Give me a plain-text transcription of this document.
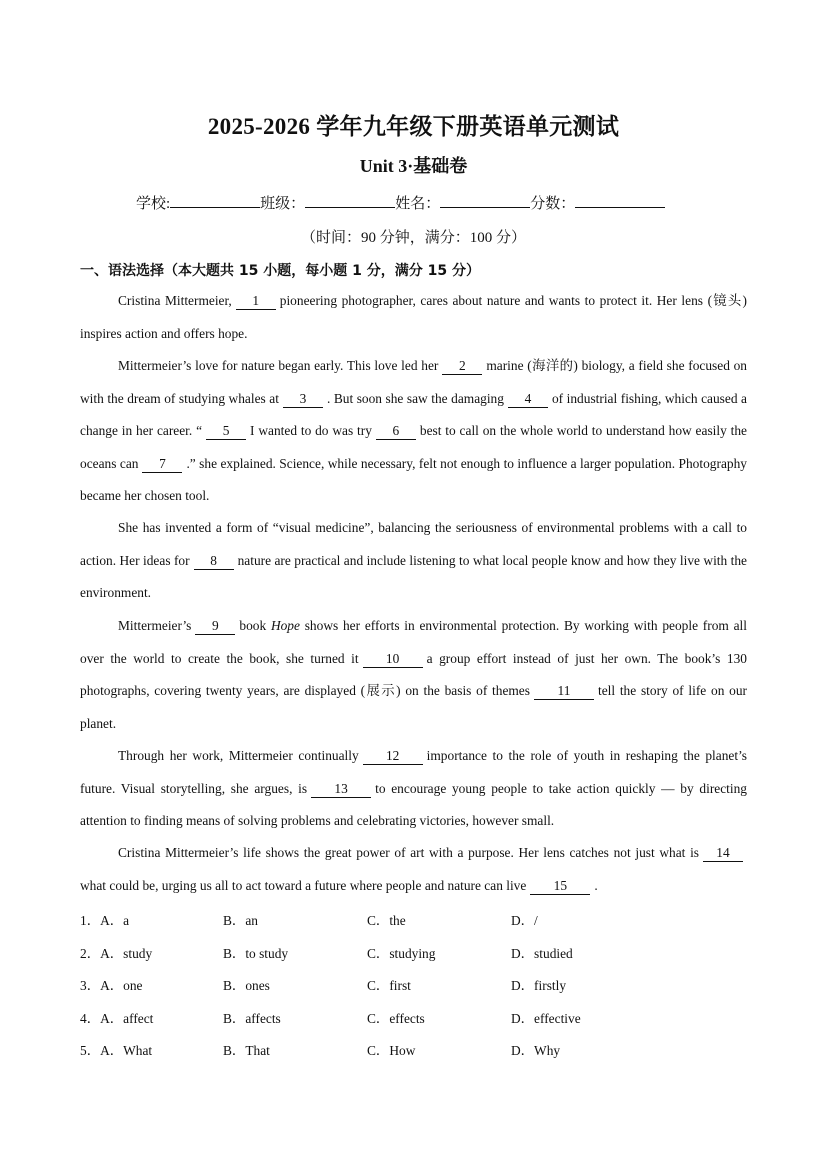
2025-2026 学年九年级下册英语单元测试
Unit 3·基础卷
学校:	班级：	姓名：	分数：
（时间：90 分钟，满分：100 分）
一、语法选择（本大题共 15 小题，每小题 1 分，满分 15 分）
Cristina Mittermeier, 1 pioneering photographer, cares about nature and wants to protect it. Her lens (镜头) inspires action and offers hope.
Mittermeier’s love for nature began early. This love led her 2 marine (海洋的) biology, a field she focused on with the dream of studying whales at 3 . But soon she saw the damaging 4 of industrial fishing, which caused a change in her career. “ 5 I wanted to do was try 6 best to call on the whole world to understand how easily the oceans can 7 .” she explained. Science, while necessary, felt not enough to influence a larger population. Photography became her chosen tool.
She has invented a form of “visual medicine”, balancing the seriousness of environmental problems with a call to action. Her ideas for 8 nature are practical and include listening to what local people know and how they live with the environment.
Mittermeier’s 9 book Hope shows her efforts in environmental protection. By working with people from all over the world to create the book, she turned it 10 a group effort instead of just her own. The book’s 130 photographs, covering twenty years, are displayed (展示) on the basis of themes 11 tell the story of life on our planet.
Through her work, Mittermeier continually 12 importance to the role of youth in reshaping the planet’s future. Visual storytelling, she argues, is 13 to encourage young people to take action quickly — by directing attention to finding means of solving problems and celebrating victories, however small.
Cristina Mittermeier’s life shows the great power of art with a purpose. Her lens catches not just what is 14what could be, urging us all to act toward a future where people and nature can live 15 .
1．A．a	B．an	C．the	D．/
2．A．study	B．to study	C．studying	D．studied
3．A．one	B．ones	C．first	D．firstly
4．A．affect	B．affects	C．effects	D．effective
5．A．What	B．That	C．How	D．Why
